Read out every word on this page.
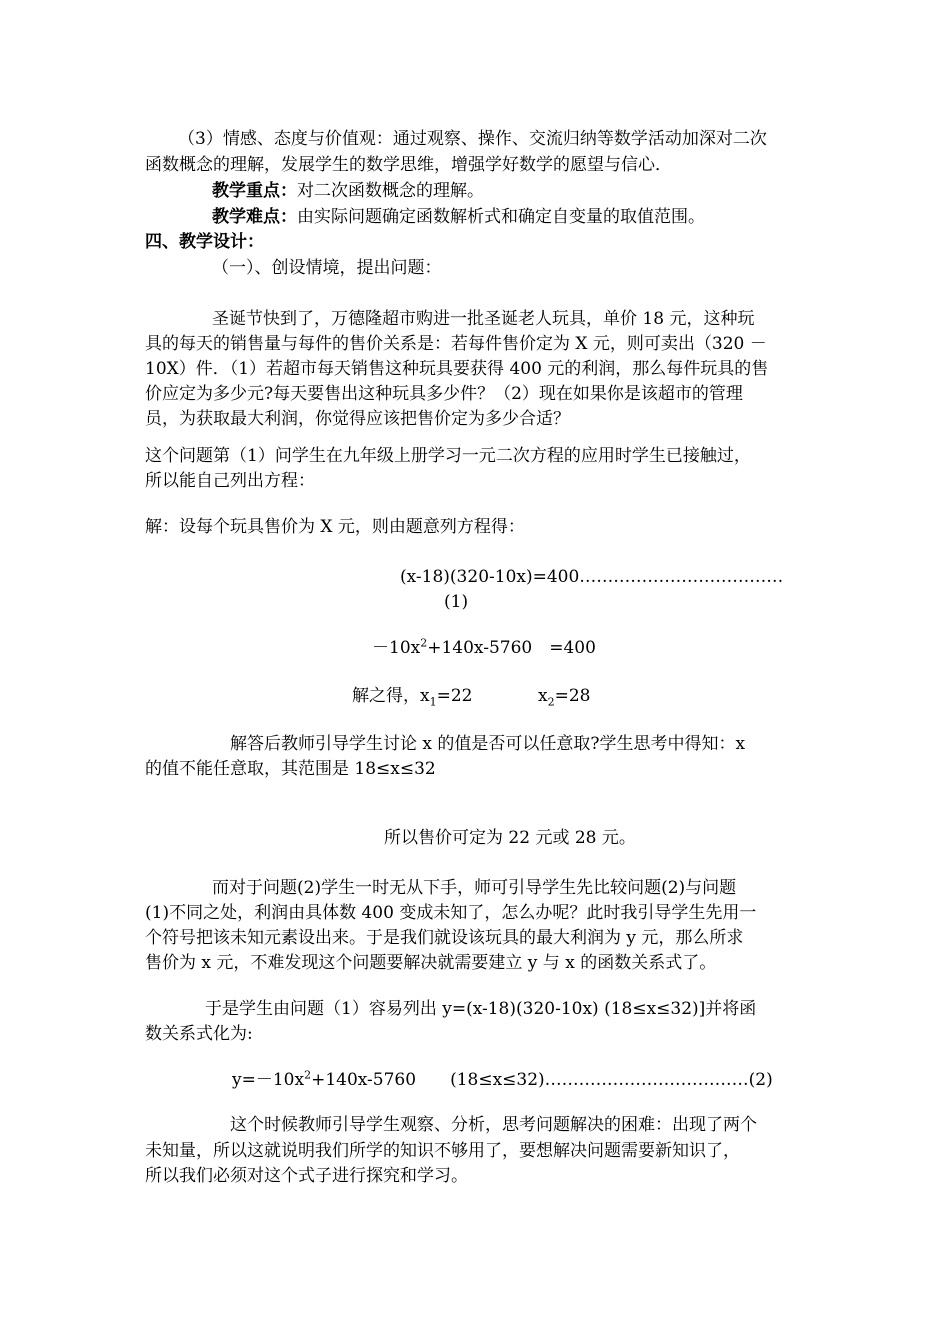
（3）情感、态度与价值观：通过观察、操作、交流归纳等数学活动加深对二次
函数概念的理解，发展学生的数学思维，增强学好数学的愿望与信心．
教学重点：对二次函数概念的理解。
教学难点：由实际问题确定函数解析式和确定自变量的取值范围。
四、教学设计：
（一）、创设情境，提出问题：
圣诞节快到了，万德隆超市购进一批圣诞老人玩具，单价 18 元，这种玩
具的每天的销售量与每件的售价关系是：若每件售价定为 X 元，则可卖出（320 －
10X）件．（1）若超市每天销售这种玩具要获得 400 元的利润，那么每件玩具的售
价应定为多少元?每天要售出这种玩具多少件？（2）现在如果你是该超市的管理
员，为获取最大利润，你觉得应该把售价定为多少合适？
这个问题第（1）问学生在九年级上册学习一元二次方程的应用时学生已接触过，
所以能自己列出方程：
解：设每个玩具售价为 X 元，则由题意列方程得：
(x-18)(320-10x)=400………………………………
(1)
$-10x^2+140x-5760$　=400
解之得，$x_1=22$	$x_2=28$
解答后教师引导学生讨论 x 的值是否可以任意取?学生思考中得知：x
的值不能任意取，其范围是 18≤x≤32
所以售价可定为 22 元或 28 元。
而对于问题(2)学生一时无从下手，师可引导学生先比较问题(2)与问题
(1)不同之处，利润由具体数 400 变成未知了，怎么办呢？此时我引导学生先用一
个符号把该未知元素设出来。于是我们就设该玩具的最大利润为 y 元，那么所求
售价为 x 元，不难发现这个问题要解决就需要建立 y 与 x 的函数关系式了。
于是学生由问题（1）容易列出 y=(x-18)(320-10x) (18≤x≤32)]并将函
数关系式化为:
$y=-10x^2+140x-5760$　　(18≤x≤32)………………………………(2)
这个时候教师引导学生观察、分析，思考问题解决的困难：出现了两个
未知量，所以这就说明我们所学的知识不够用了，要想解决问题需要新知识了，
所以我们必须对这个式子进行探究和学习。
